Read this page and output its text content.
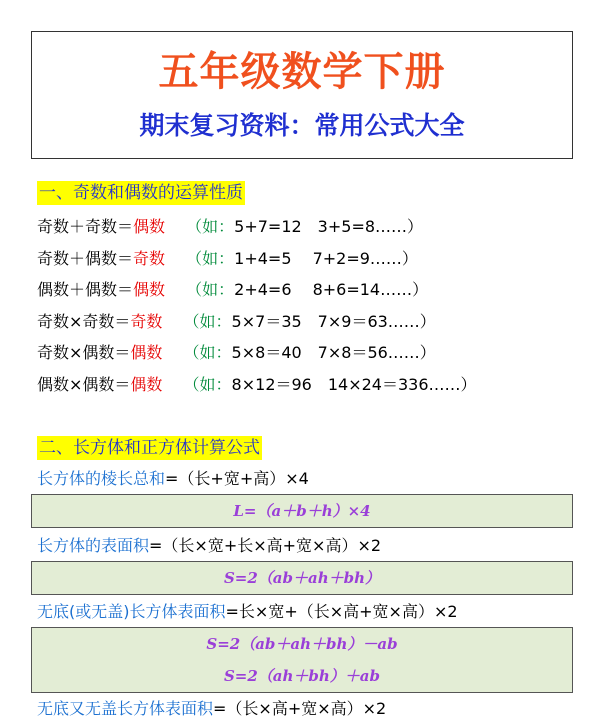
五年级数学下册
期末复习资料：常用公式大全
一、奇数和偶数的运算性质
奇数＋奇数＝偶数　 （如：5+7=12　3+5=8……）
奇数＋偶数＝奇数　 （如：1+4=5　 7+2=9……）
偶数＋偶数＝偶数　 （如：2+4=6　 8+6=14……）
奇数×奇数＝奇数　 （如：5×7＝35　7×9＝63……）
奇数×偶数＝偶数　 （如：5×8＝40　7×8＝56……）
偶数×偶数＝偶数　 （如：8×12＝96　14×24＝336……）
二、长方体和正方体计算公式
长方体的棱长总和=（长+宽+高）×4
L=（a＋b＋h）×4
长方体的表面积=（长×宽+长×高+宽×高）×2
S=2（ab＋ah＋bh）
无底(或无盖)长方体表面积=长×宽+（长×高+宽×高）×2
S=2（ab＋ah＋bh）－ab
S=2（ah＋bh）＋ab
无底又无盖长方体表面积=（长×高+宽×高）×2
